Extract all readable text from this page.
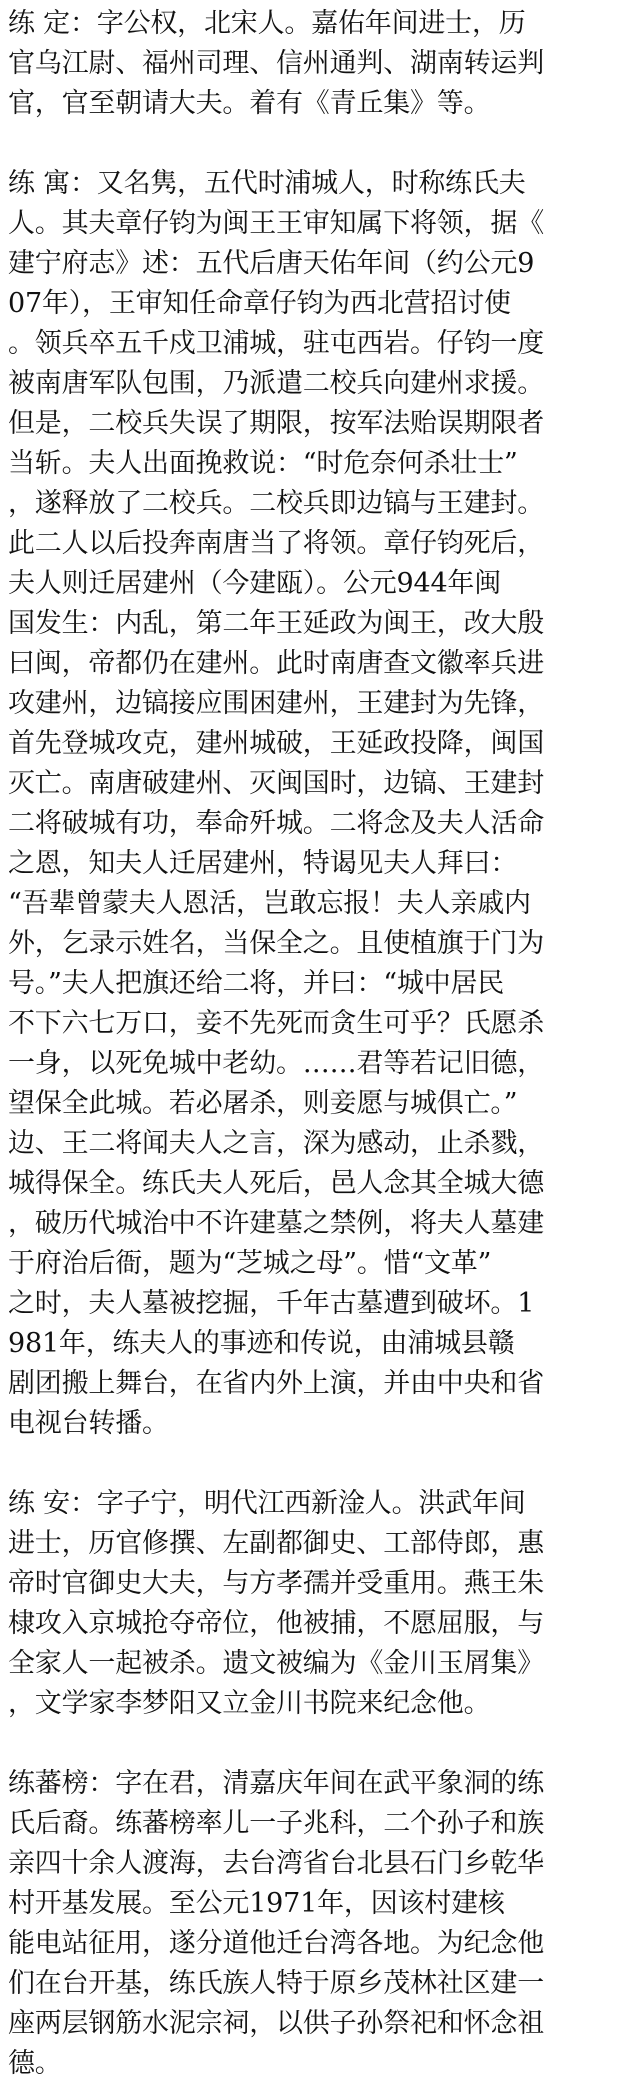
练 定：字公权，北宋人。嘉佑年间进士，历
官乌江尉、福州司理、信州通判、湖南转运判
官，官至朝请大夫。着有《青丘集》等。
练 寓：又名隽，五代时浦城人，时称练氏夫
人。其夫章仔钧为闽王王审知属下将领，据《
建宁府志》述：五代后唐天佑年间（约公元9
07年），王审知任命章仔钧为西北营招讨使
。领兵卒五千戍卫浦城，驻屯西岩。仔钧一度
被南唐军队包围，乃派遣二校兵向建州求援。
但是，二校兵失误了期限，按军法贻误期限者
当斩。夫人出面挽救说：“时危奈何杀壮士”
，遂释放了二校兵。二校兵即边镐与王建封。
此二人以后投奔南唐当了将领。章仔钧死后，
夫人则迁居建州（今建瓯）。公元944年闽
国发生：内乱，第二年王延政为闽王，改大殷
曰闽，帝都仍在建州。此时南唐查文徽率兵进
攻建州，边镐接应围困建州，王建封为先锋，
首先登城攻克，建州城破，王延政投降，闽国
灭亡。南唐破建州、灭闽国时，边镐、王建封
二将破城有功，奉命歼城。二将念及夫人活命
之恩，知夫人迁居建州，特谒见夫人拜曰：
“吾辈曾蒙夫人恩活，岂敢忘报！夫人亲戚内
外，乞录示姓名，当保全之。且使植旗于门为
号。”夫人把旗还给二将，并曰：“城中居民
不下六七万口，妾不先死而贪生可乎？氏愿杀
一身，以死免城中老幼。……君等若记旧德，
望保全此城。若必屠杀，则妾愿与城俱亡。”
边、王二将闻夫人之言，深为感动，止杀戮，
城得保全。练氏夫人死后，邑人念其全城大德
，破历代城治中不许建墓之禁例，将夫人墓建
于府治后衙，题为“芝城之母”。惜“文革”
之时，夫人墓被挖掘，千年古墓遭到破坏。1
981年，练夫人的事迹和传说，由浦城县赣
剧团搬上舞台，在省内外上演，并由中央和省
电视台转播。
练 安：字子宁，明代江西新淦人。洪武年间
进士，历官修撰、左副都御史、工部侍郎，惠
帝时官御史大夫，与方孝孺并受重用。燕王朱
棣攻入京城抢夺帝位，他被捕，不愿屈服，与
全家人一起被杀。遗文被编为《金川玉屑集》
，文学家李梦阳又立金川书院来纪念他。
练蕃榜：字在君，清嘉庆年间在武平象洞的练
氏后裔。练蕃榜率儿一子兆科，二个孙子和族
亲四十余人渡海，去台湾省台北县石门乡乾华
村开基发展。至公元1971年，因该村建核
能电站征用，遂分道他迁台湾各地。为纪念他
们在台开基，练氏族人特于原乡茂林社区建一
座两层钢筋水泥宗祠，以供子孙祭祀和怀念祖
德。
